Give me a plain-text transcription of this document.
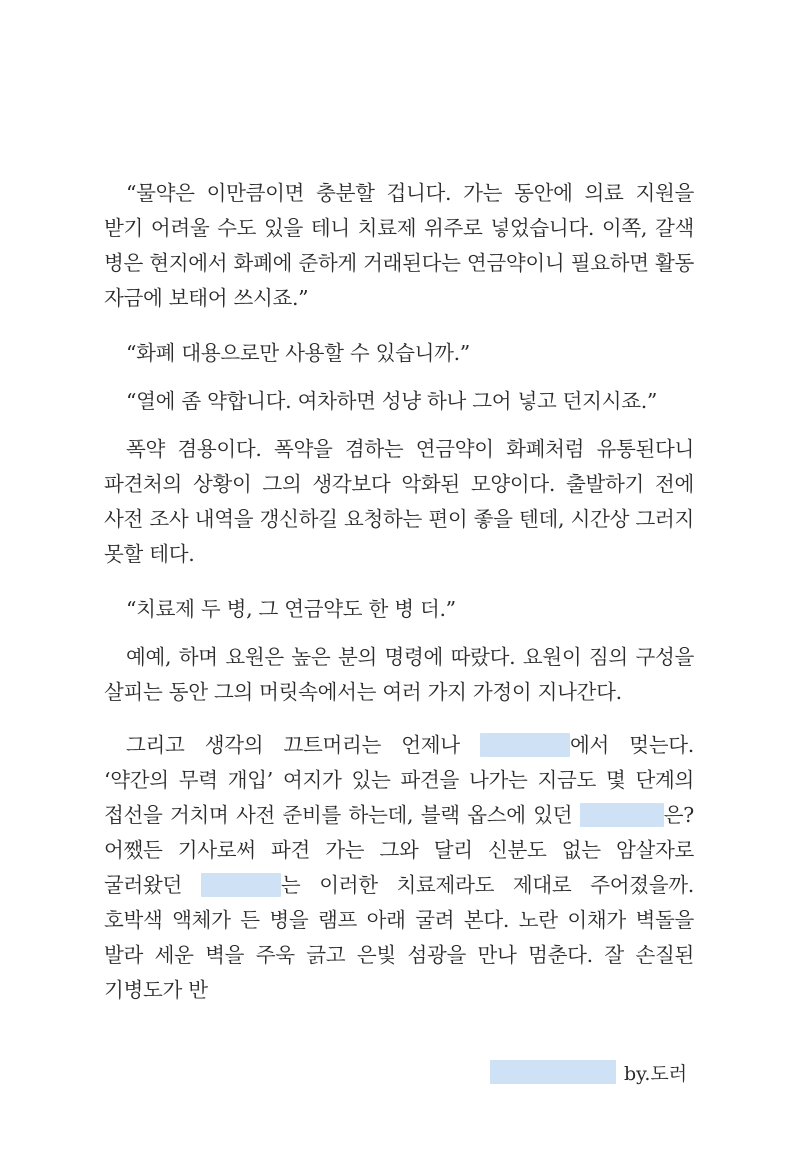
“물약은 이만큼이면 충분할 겁니다. 가는 동안에 의료 지원을 받기 어려울 수도 있을 테니 치료제 위주로 넣었습니다. 이쪽, 갈색 병은 현지에서 화폐에 준하게 거래된다는 연금약이니 필요하면 활동 자금에 보태어 쓰시죠.”

“화폐 대용으로만 사용할 수 있습니까.”

“열에 좀 약합니다. 여차하면 성냥 하나 그어 넣고 던지시죠.”

폭약 겸용이다. 폭약을 겸하는 연금약이 화폐처럼 유통된다니 파견처의 상황이 그의 생각보다 악화된 모양이다. 출발하기 전에 사전 조사 내역을 갱신하길 요청하는 편이 좋을 텐데, 시간상 그러지 못할 테다.

“치료제 두 병, 그 연금약도 한 병 더.”

예예, 하며 요원은 높은 분의 명령에 따랐다. 요원이 짐의 구성을 살피는 동안 그의 머릿속에서는 여러 가지 가정이 지나간다.

그리고 생각의 끄트머리는 언제나	에서 멎는다. ‘약간의 무력 개입’ 여지가 있는 파견을 나가는 지금도 몇 단계의 접선을 거치며 사전 준비를 하는데, 블랙 옵스에 있던	은? 어쨌든 기사로써 파견 가는 그와 달리 신분도 없는 암살자로 굴러왔던	는 이러한 치료제라도 제대로 주어졌을까. 호박색 액체가 든 병을 램프 아래 굴려 본다. 노란 이채가 벽돌을 발라 세운 벽을 주욱 긁고 은빛 섬광을 만나 멈춘다. 잘 손질된 기병도가 반

by.도러
